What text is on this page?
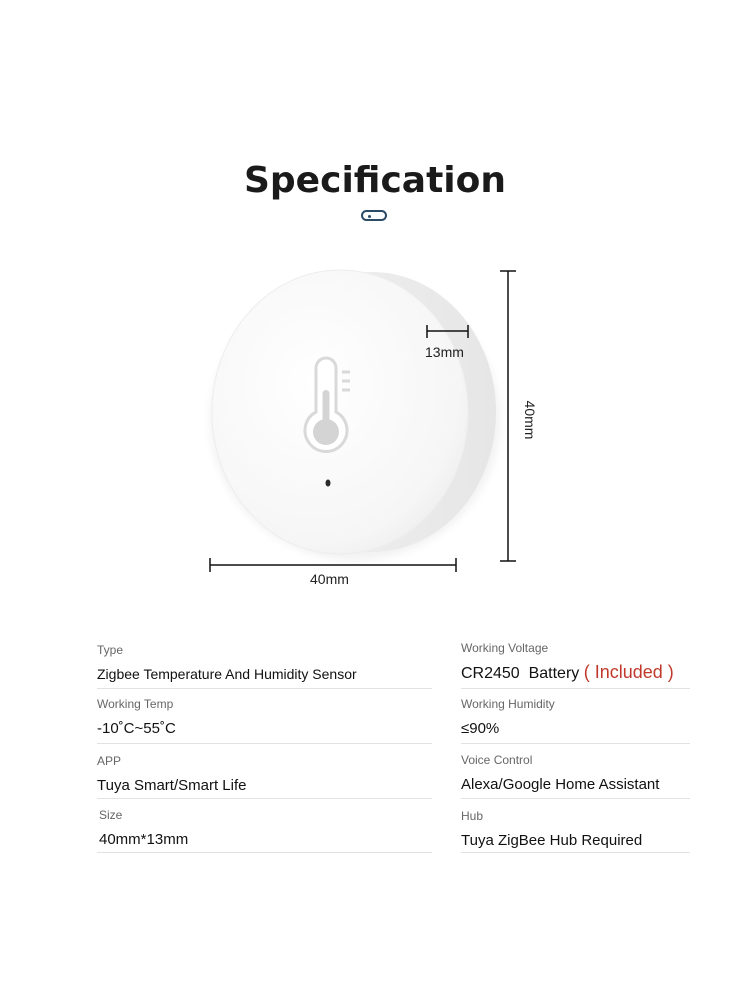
Specification
13mm
40mm
40mm
Type
Zigbee Temperature And Humidity Sensor
Working Voltage
CR2450  Battery ( Included )
Working Temp
-10˚C~55˚C
Working Humidity
≤90%
APP
Tuya Smart/Smart Life
Voice Control
Alexa/Google Home Assistant
Size
40mm*13mm
Hub
Tuya ZigBee Hub Required
